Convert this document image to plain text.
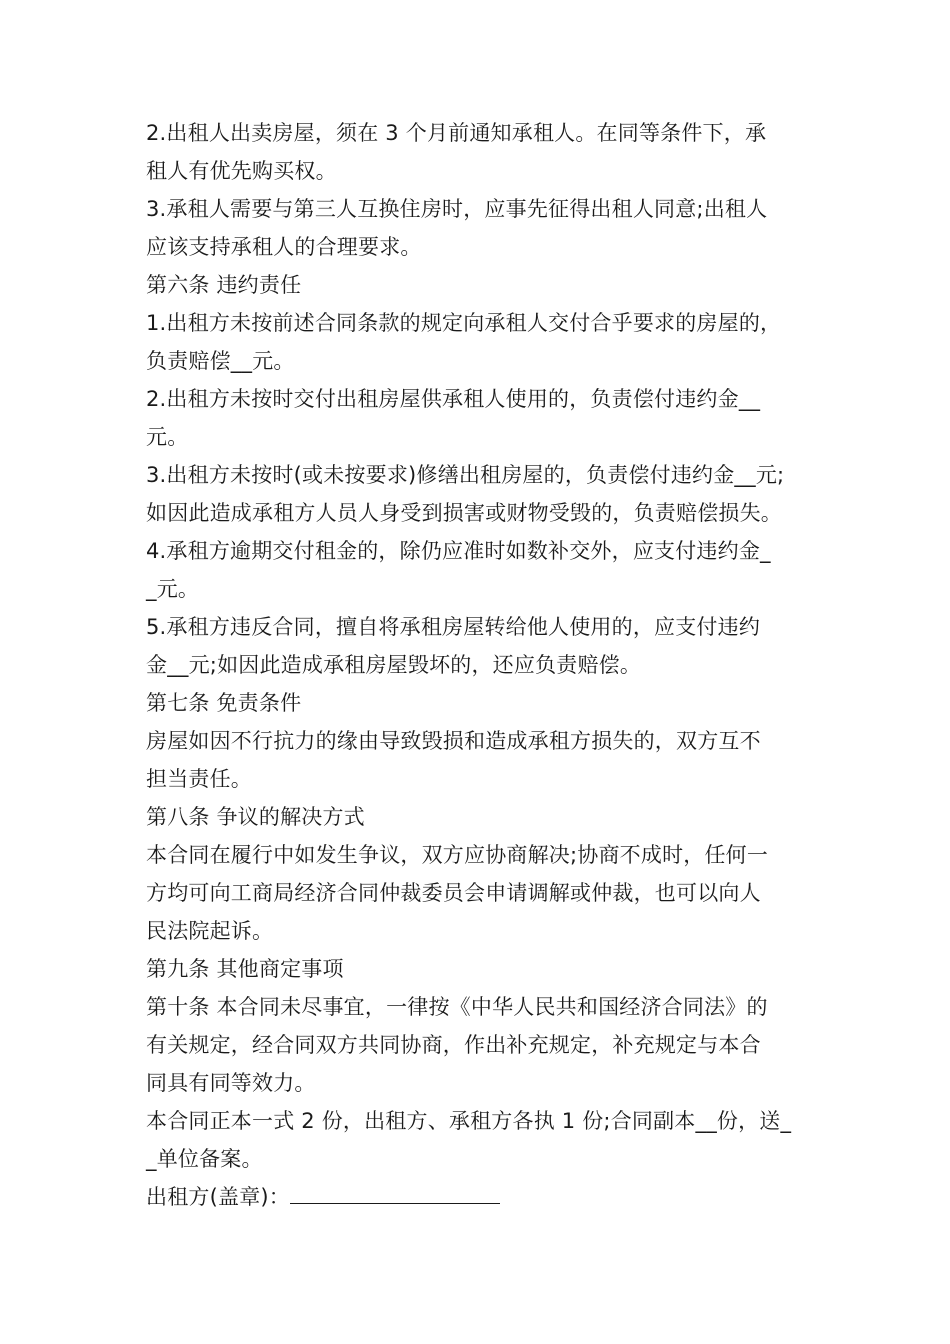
2.出租人出卖房屋，须在 3 个月前通知承租人。在同等条件下，承
租人有优先购买权。
3.承租人需要与第三人互换住房时，应事先征得出租人同意;出租人
应该支持承租人的合理要求。
第六条 违约责任
1.出租方未按前述合同条款的规定向承租人交付合乎要求的房屋的，
负责赔偿__元。
2.出租方未按时交付出租房屋供承租人使用的，负责偿付违约金__
元。
3.出租方未按时(或未按要求)修缮出租房屋的，负责偿付违约金__元;
如因此造成承租方人员人身受到损害或财物受毁的，负责赔偿损失。
4.承租方逾期交付租金的，除仍应准时如数补交外，应支付违约金_
_元。
5.承租方违反合同，擅自将承租房屋转给他人使用的，应支付违约
金__元;如因此造成承租房屋毁坏的，还应负责赔偿。
第七条 免责条件
房屋如因不行抗力的缘由导致毁损和造成承租方损失的，双方互不
担当责任。
第八条 争议的解决方式
本合同在履行中如发生争议，双方应协商解决;协商不成时，任何一
方均可向工商局经济合同仲裁委员会申请调解或仲裁，也可以向人
民法院起诉。
第九条 其他商定事项
第十条 本合同未尽事宜，一律按《中华人民共和国经济合同法》的
有关规定，经合同双方共同协商，作出补充规定，补充规定与本合
同具有同等效力。
本合同正本一式 2 份，出租方、承租方各执 1 份;合同副本__份，送_
_单位备案。
出租方(盖章)：
